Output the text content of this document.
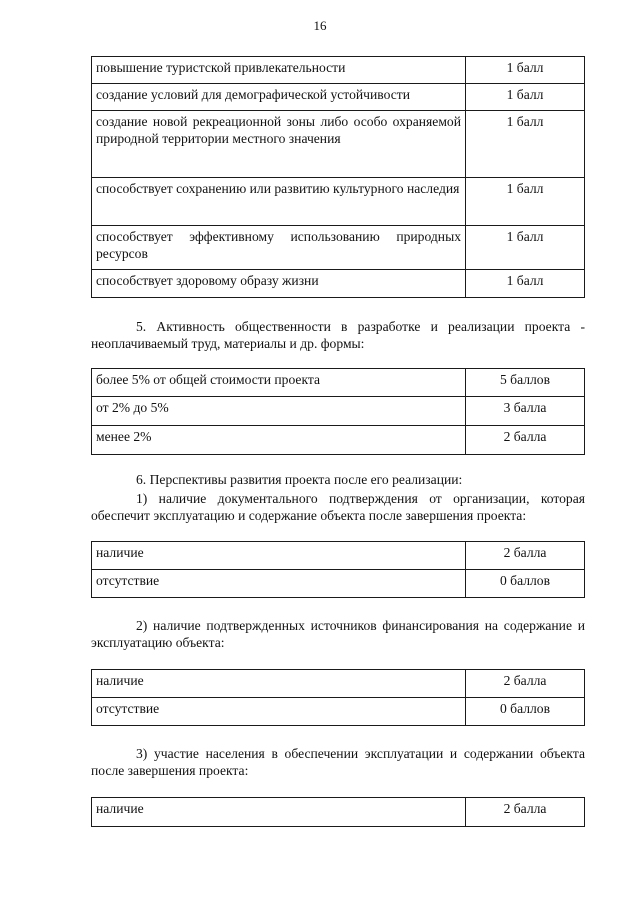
16
повышение туристской привлекательности	1 балл
создание условий для демографической устойчивости	1 балл
создание новой рекреационной зоны либо особо охраняемой природной территории местного значения	1 балл
способствует сохранению или развитию культурного наследия	1 балл
способствует эффективному использованию природных ресурсов	1 балл
способствует здоровому образу жизни	1 балл

5. Активность общественности в разработке и реализации проекта - неоплачиваемый труд, материалы и др. формы:

более 5% от общей стоимости проекта	5 баллов
от 2% до 5%	3 балла
менее 2%	2 балла

6. Перспективы развития проекта после его реализации:

1) наличие документального подтверждения от организации, которая обеспечит эксплуатацию и содержание объекта после завершения проекта:

наличие	2 балла
отсутствие	0 баллов

2) наличие подтвержденных источников финансирования на содержание и эксплуатацию объекта:

наличие	2 балла
отсутствие	0 баллов

3) участие населения в обеспечении эксплуатации и содержании объекта после завершения проекта:

наличие	2 балла
